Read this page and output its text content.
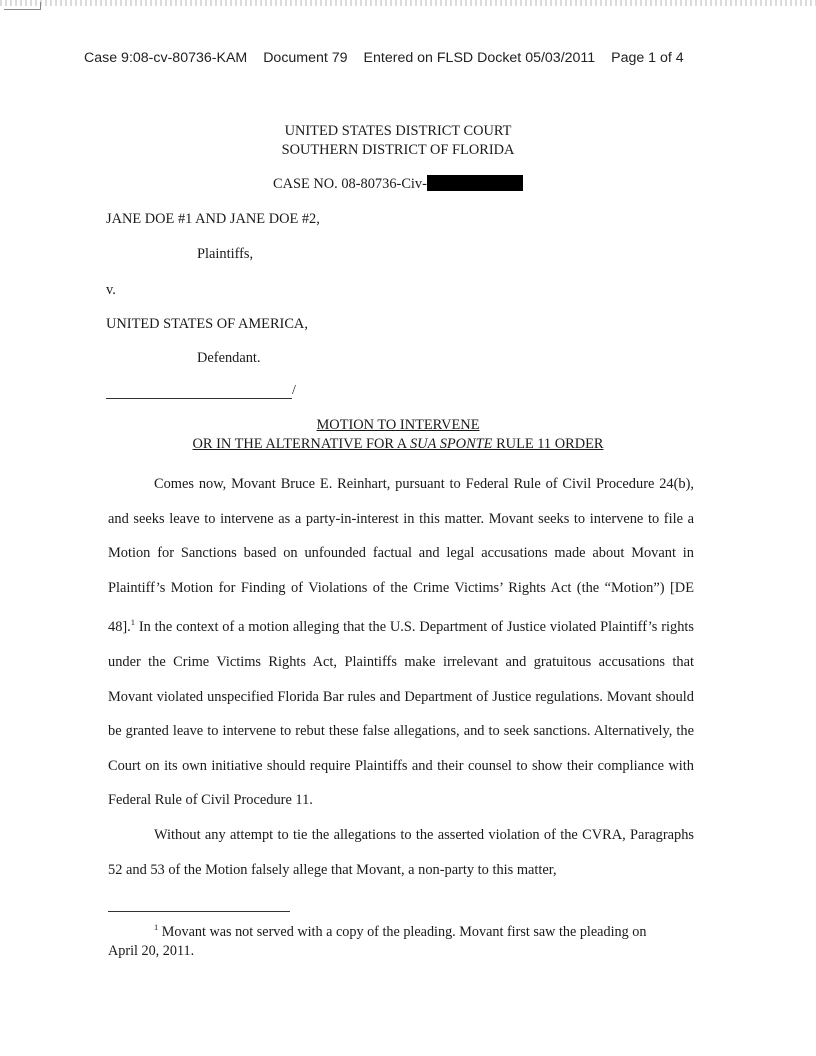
Case 9:08-cv-80736-KAM Document 79 Entered on FLSD Docket 05/03/2011 Page 1 of 4
UNITED STATES DISTRICT COURT
SOUTHERN DISTRICT OF FLORIDA
CASE NO. 08-80736-Civ-
JANE DOE #1 AND JANE DOE #2,
Plaintiffs,
v.
UNITED STATES OF AMERICA,
Defendant.
/
MOTION TO INTERVENE
OR IN THE ALTERNATIVE FOR A SUA SPONTE RULE 11 ORDER

Comes now, Movant Bruce E. Reinhart, pursuant to Federal Rule of Civil Procedure 24(b), and seeks leave to intervene as a party-in-interest in this matter. Movant seeks to intervene to file a Motion for Sanctions based on unfounded factual and legal accusations made about Movant in Plaintiff’s Motion for Finding of Violations of the Crime Victims’ Rights Act (the “Motion”) [DE 48].$^1$ In the context of a motion alleging that the U.S. Department of Justice violated Plaintiff’s rights under the Crime Victims Rights Act, Plaintiffs make irrelevant and gratuitous accusations that Movant violated unspecified Florida Bar rules and Department of Justice regulations. Movant should be granted leave to intervene to rebut these false allegations, and to seek sanctions. Alternatively, the Court on its own initiative should require Plaintiffs and their counsel to show their compliance with Federal Rule of Civil Procedure 11.

Without any attempt to tie the allegations to the asserted violation of the CVRA, Paragraphs 52 and 53 of the Motion falsely allege that Movant, a non-party to this matter,

$^1$ Movant was not served with a copy of the pleading. Movant first saw the pleading on
April 20, 2011.
